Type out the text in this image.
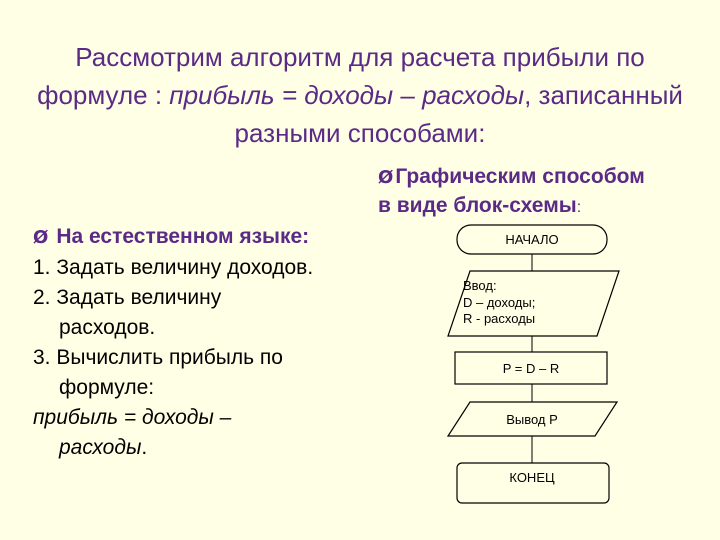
Рассмотрим алгоритм для расчета прибыли по
формуле : прибыль = доходы – расходы, записанный
разными способами:
ØГрафическим способом
в виде блок-схемы:
Ø На естественном языке:
1. Задать величину доходов.
2. Задать величину
расходов.
3. Вычислить прибыль по
формуле:
прибыль = доходы –
расходы.
НАЧАЛО
Ввод:
D – доходы;
R - расходы
P = D – R
Вывод P
КОНЕЦ
